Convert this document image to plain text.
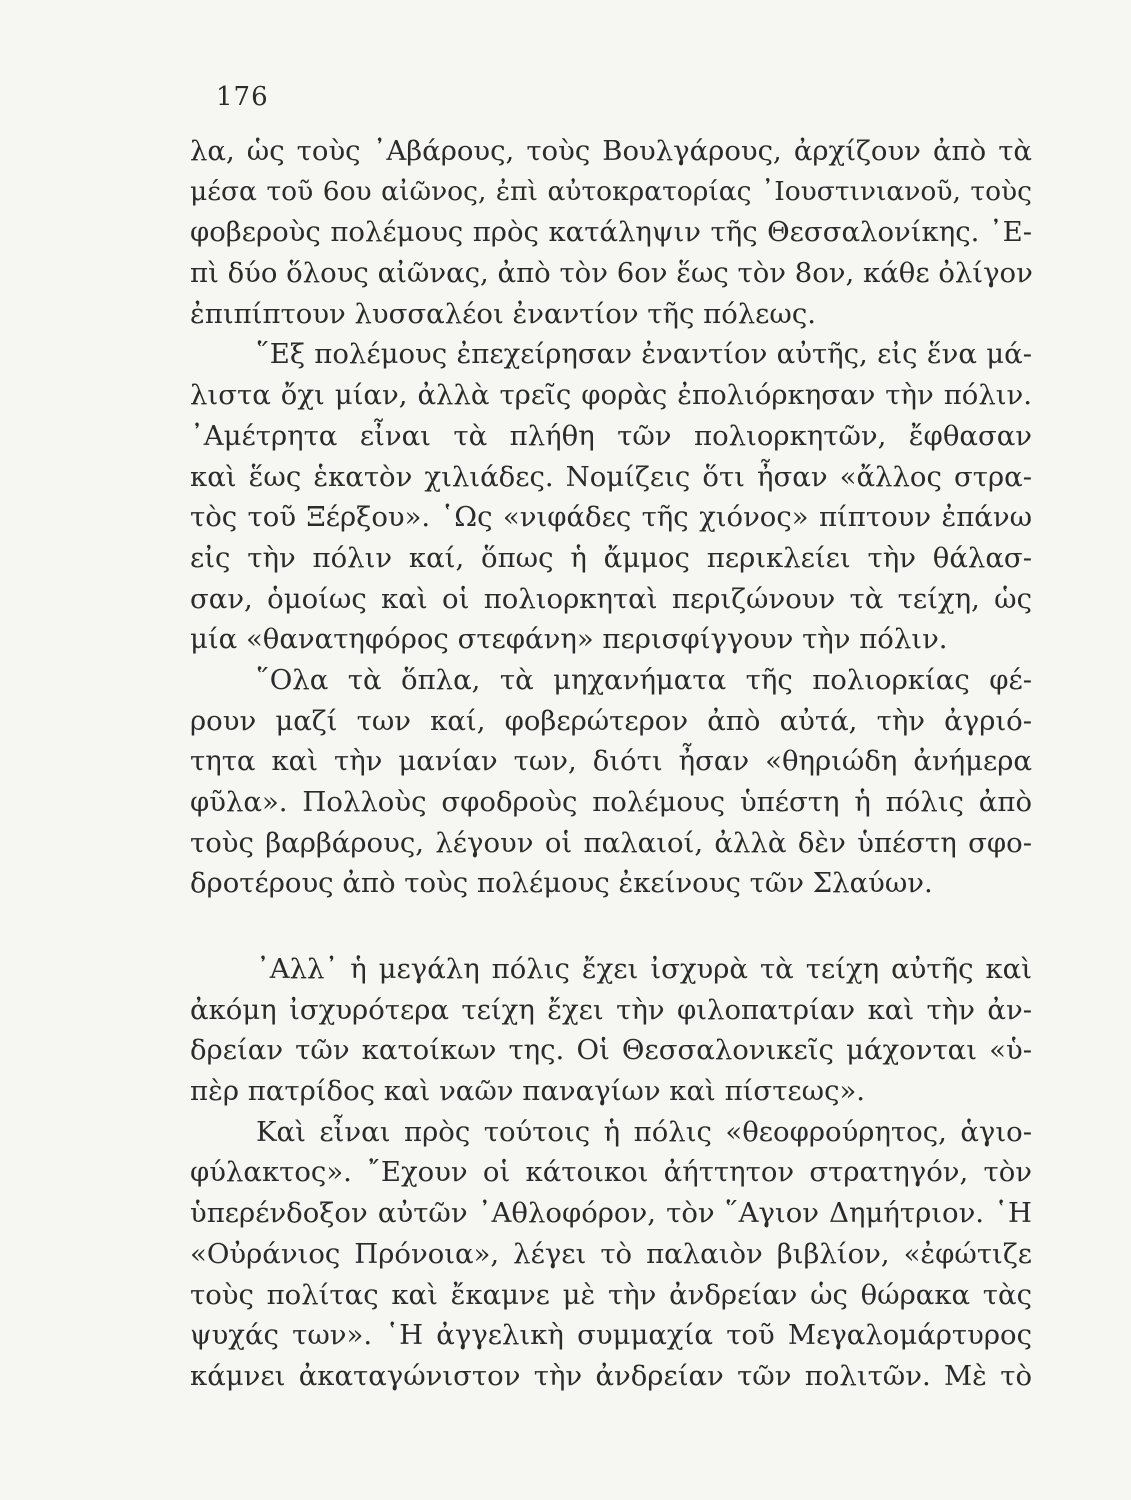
176
λα, ὡς τοὺς ᾿Αβάρους, τοὺς Βουλγάρους, ἀρχίζουν ἀπὸ τὰ
μέσα τοῦ 6ου αἰῶνος, ἐπὶ αὐτοκρατορίας ᾿Ιουστινιανοῦ, τοὺς
φοβεροὺς πολέμους πρὸς κατάληψιν τῆς Θεσσαλονίκης. ᾿Ε-
πὶ δύο ὅλους αἰῶνας, ἀπὸ τὸν 6ον ἕως τὸν 8ον, κάθε ὀλίγον
ἐπιπίπτουν λυσσαλέοι ἐναντίον τῆς πόλεως.
῞Εξ πολέμους ἐπεχείρησαν ἐναντίον αὐτῆς, εἰς ἕνα μά-
λιστα ὄχι μίαν, ἀλλὰ τρεῖς φορὰς ἐπολιόρκησαν τὴν πόλιν.
᾿Αμέτρητα εἶναι τὰ πλήθη τῶν πολιορκητῶν, ἔφθασαν
καὶ ἕως ἑκατὸν χιλιάδες. Νομίζεις ὅτι ἦσαν «ἄλλος στρα-
τὸς τοῦ Ξέρξου». ῾Ως «νιφάδες τῆς χιόνος» πίπτουν ἐπάνω
εἰς τὴν πόλιν καί, ὅπως ἡ ἄμμος περικλείει τὴν θάλασ-
σαν, ὁμοίως καὶ οἱ πολιορκηταὶ περιζώνουν τὰ τείχη, ὡς
μία «θανατηφόρος στεφάνη» περισφίγγουν τὴν πόλιν.
῞Ολα τὰ ὅπλα, τὰ μηχανήματα τῆς πολιορκίας φέ-
ρουν μαζί των καί, φοβερώτερον ἀπὸ αὐτά, τὴν ἀγριό-
τητα καὶ τὴν μανίαν των, διότι ἦσαν «θηριώδη ἀνήμερα
φῦλα». Πολλοὺς σφοδροὺς πολέμους ὑπέστη ἡ πόλις ἀπὸ
τοὺς βαρβάρους, λέγουν οἱ παλαιοί, ἀλλὰ δὲν ὑπέστη σφο-
δροτέρους ἀπὸ τοὺς πολέμους ἐκείνους τῶν Σλαύων.
᾿Αλλ᾿ ἡ μεγάλη πόλις ἔχει ἰσχυρὰ τὰ τείχη αὐτῆς καὶ
ἀκόμη ἰσχυρότερα τείχη ἔχει τὴν φιλοπατρίαν καὶ τὴν ἀν-
δρείαν τῶν κατοίκων της. Οἱ Θεσσαλονικεῖς μάχονται «ὑ-
πὲρ πατρίδος καὶ ναῶν παναγίων καὶ πίστεως».
Καὶ εἶναι πρὸς τούτοις ἡ πόλις «θεοφρούρητος, ἁγιο-
φύλακτος». ῎Εχουν οἱ κάτοικοι ἀήττητον στρατηγόν, τὸν
ὑπερένδοξον αὐτῶν ᾿Αθλοφόρον, τὸν ῞Αγιον Δημήτριον. ῾Η
«Οὐράνιος Πρόνοια», λέγει τὸ παλαιὸν βιβλίον, «ἐφώτιζε
τοὺς πολίτας καὶ ἔκαμνε μὲ τὴν ἀνδρείαν ὡς θώρακα τὰς
ψυχάς των». ῾Η ἀγγελικὴ συμμαχία τοῦ Μεγαλομάρτυρος
κάμνει ἀκαταγώνιστον τὴν ἀνδρείαν τῶν πολιτῶν. Μὲ τὸ
